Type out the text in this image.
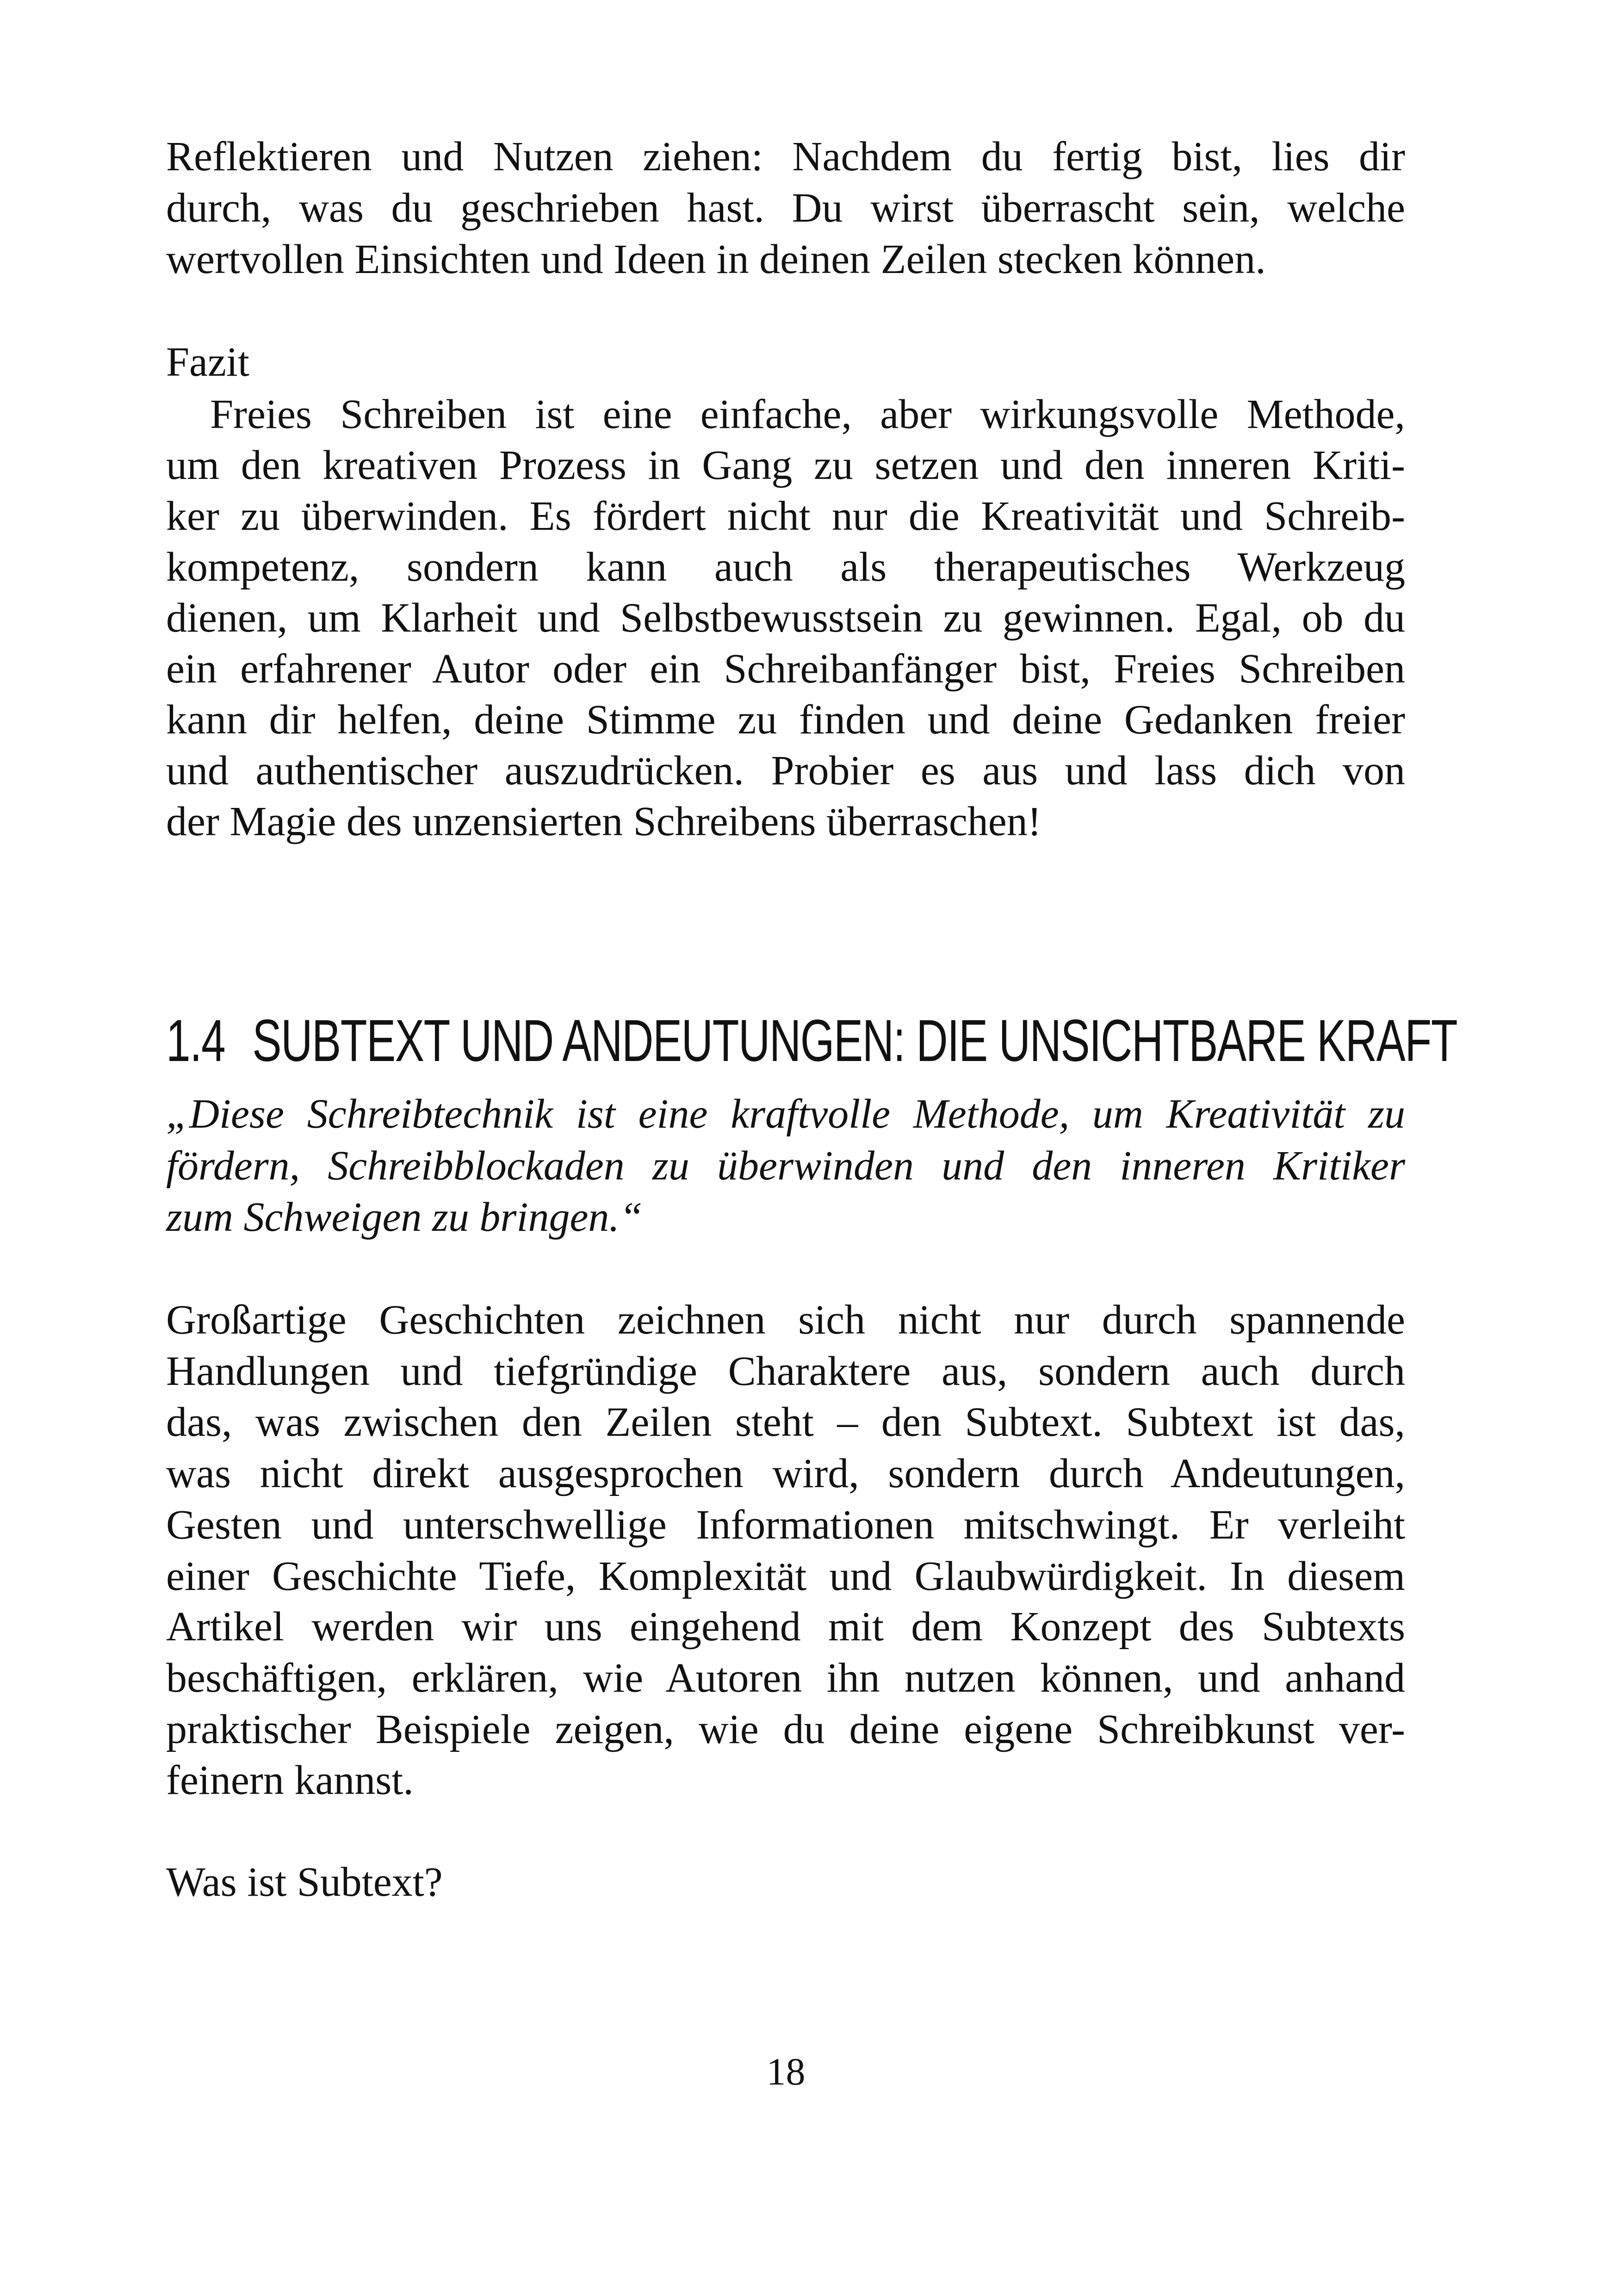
1.4 SUBTEXT UND ANDEUTUNGEN: DIE UNSICHTBARE KRAFT
18
Reflektieren und Nutzen ziehen: Nachdem du fertig bist, lies dir
durch, was du geschrieben hast. Du wirst überrascht sein, welche
wertvollen Einsichten und Ideen in deinen Zeilen stecken können.
Fazit
Freies Schreiben ist eine einfache, aber wirkungsvolle Methode,
um den kreativen Prozess in Gang zu setzen und den inneren Kriti-
ker zu überwinden. Es fördert nicht nur die Kreativität und Schreib-
kompetenz, sondern kann auch als therapeutisches Werkzeug
dienen, um Klarheit und Selbstbewusstsein zu gewinnen. Egal, ob du
ein erfahrener Autor oder ein Schreibanfänger bist, Freies Schreiben
kann dir helfen, deine Stimme zu finden und deine Gedanken freier
und authentischer auszudrücken. Probier es aus und lass dich von
der Magie des unzensierten Schreibens überraschen!
„Diese Schreibtechnik ist eine kraftvolle Methode, um Kreativität zu
fördern, Schreibblockaden zu überwinden und den inneren Kritiker
zum Schweigen zu bringen.“
Großartige Geschichten zeichnen sich nicht nur durch spannende
Handlungen und tiefgründige Charaktere aus, sondern auch durch
das, was zwischen den Zeilen steht – den Subtext. Subtext ist das,
was nicht direkt ausgesprochen wird, sondern durch Andeutungen,
Gesten und unterschwellige Informationen mitschwingt. Er verleiht
einer Geschichte Tiefe, Komplexität und Glaubwürdigkeit. In diesem
Artikel werden wir uns eingehend mit dem Konzept des Subtexts
beschäftigen, erklären, wie Autoren ihn nutzen können, und anhand
praktischer Beispiele zeigen, wie du deine eigene Schreibkunst ver-
feinern kannst.
Was ist Subtext?
